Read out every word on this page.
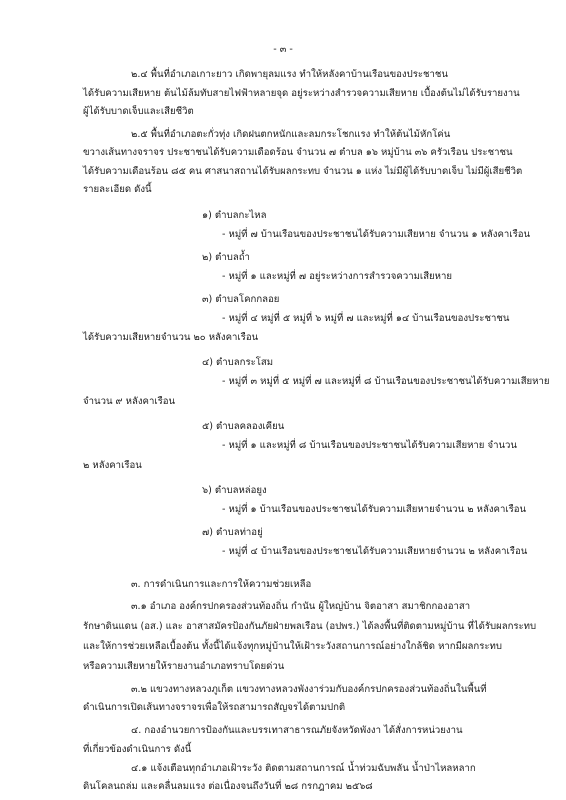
- ๓ -
๒.๔ พื้นที่อำเภอเกาะยาว เกิดพายุลมแรง ทำให้หลังคาบ้านเรือนของประชาชน
ได้รับความเสียหาย ต้นไม้ล้มทับสายไฟฟ้าหลายจุด อยู่ระหว่างสำรวจความเสียหาย เบื้องต้นไม่ได้รับรายงาน
ผู้ได้รับบาดเจ็บและเสียชีวิต
๒.๕ พื้นที่อำเภอตะกั่วทุ่ง เกิดฝนตกหนักและลมกระโชกแรง ทำให้ต้นไม้หักโค่น
ขวางเส้นทางจราจร ประชาชนได้รับความเดือดร้อน จำนวน ๗ ตำบล ๑๖ หมู่บ้าน ๓๖ ครัวเรือน ประชาชน
ได้รับความเดือนร้อน ๘๕ คน ศาสนาสถานได้รับผลกระทบ จำนวน ๑ แห่ง ไม่มีผู้ได้รับบาดเจ็บ ไม่มีผู้เสียชีวิต
รายละเอียด ดังนี้
๑) ตำบลกะไหล
- หมู่ที่ ๗ บ้านเรือนของประชาชนได้รับความเสียหาย จำนวน ๑ หลังคาเรือน
๒) ตำบลถ้ำ
- หมู่ที่ ๑ และหมู่ที่ ๗ อยู่ระหว่างการสำรวจความเสียหาย
๓) ตำบลโคกกลอย
- หมู่ที่ ๔ หมู่ที่ ๕ หมู่ที่ ๖ หมู่ที่ ๗ และหมู่ที่ ๑๔ บ้านเรือนของประชาชน
ได้รับความเสียหายจำนวน ๒๐ หลังคาเรือน
๔) ตำบลกระโสม
- หมู่ที่ ๓ หมู่ที่ ๕ หมู่ที่ ๗ และหมู่ที่ ๘ บ้านเรือนของประชาชนได้รับความเสียหาย
จำนวน ๙ หลังคาเรือน
๕) ตำบลคลองเคียน
- หมู่ที่ ๑ และหมู่ที่ ๘ บ้านเรือนของประชาชนได้รับความเสียหาย จำนวน
๒ หลังคาเรือน
๖) ตำบลหล่อยูง
- หมู่ที่ ๑ บ้านเรือนของประชาชนได้รับความเสียหายจำนวน ๒ หลังคาเรือน
๗) ตำบลท่าอยู่
- หมู่ที่ ๔ บ้านเรือนของประชาชนได้รับความเสียหายจำนวน ๒ หลังคาเรือน
๓. การดำเนินการและการให้ความช่วยเหลือ
๓.๑ อำเภอ องค์กรปกครองส่วนท้องถิ่น กำนัน ผู้ใหญ่บ้าน จิตอาสา สมาชิกกองอาสา
รักษาดินแดน (อส.) และ อาสาสมัครป้องกันภัยฝ่ายพลเรือน (อปพร.) ได้ลงพื้นที่ติดตามหมู่บ้าน ที่ได้รับผลกระทบ
และให้การช่วยเหลือเบื้องต้น ทั้งนี้ได้แจ้งทุกหมู่บ้านให้เฝ้าระวังสถานการณ์อย่างใกล้ชิด หากมีผลกระทบ
หรือความเสียหายให้รายงานอำเภอทราบโดยด่วน
๓.๒ แขวงทางหลวงภูเก็ต แขวงทางหลวงพังงาร่วมกับองค์กรปกครองส่วนท้องถิ่นในพื้นที่
ดำเนินการเปิดเส้นทางจราจรเพื่อให้รถสามารถสัญจรได้ตามปกติ
๔. กองอำนวยการป้องกันและบรรเทาสาธารณภัยจังหวัดพังงา ได้สั่งการหน่วยงาน
ที่เกี่ยวข้องดำเนินการ ดังนี้
๔.๑ แจ้งเตือนทุกอำเภอเฝ้าระวัง ติดตามสถานการณ์ น้ำท่วมฉับพลัน น้ำป่าไหลหลาก
ดินโคลนถล่ม และคลื่นลมแรง ต่อเนื่องจนถึงวันที่ ๒๘ กรกฎาคม ๒๕๖๘
